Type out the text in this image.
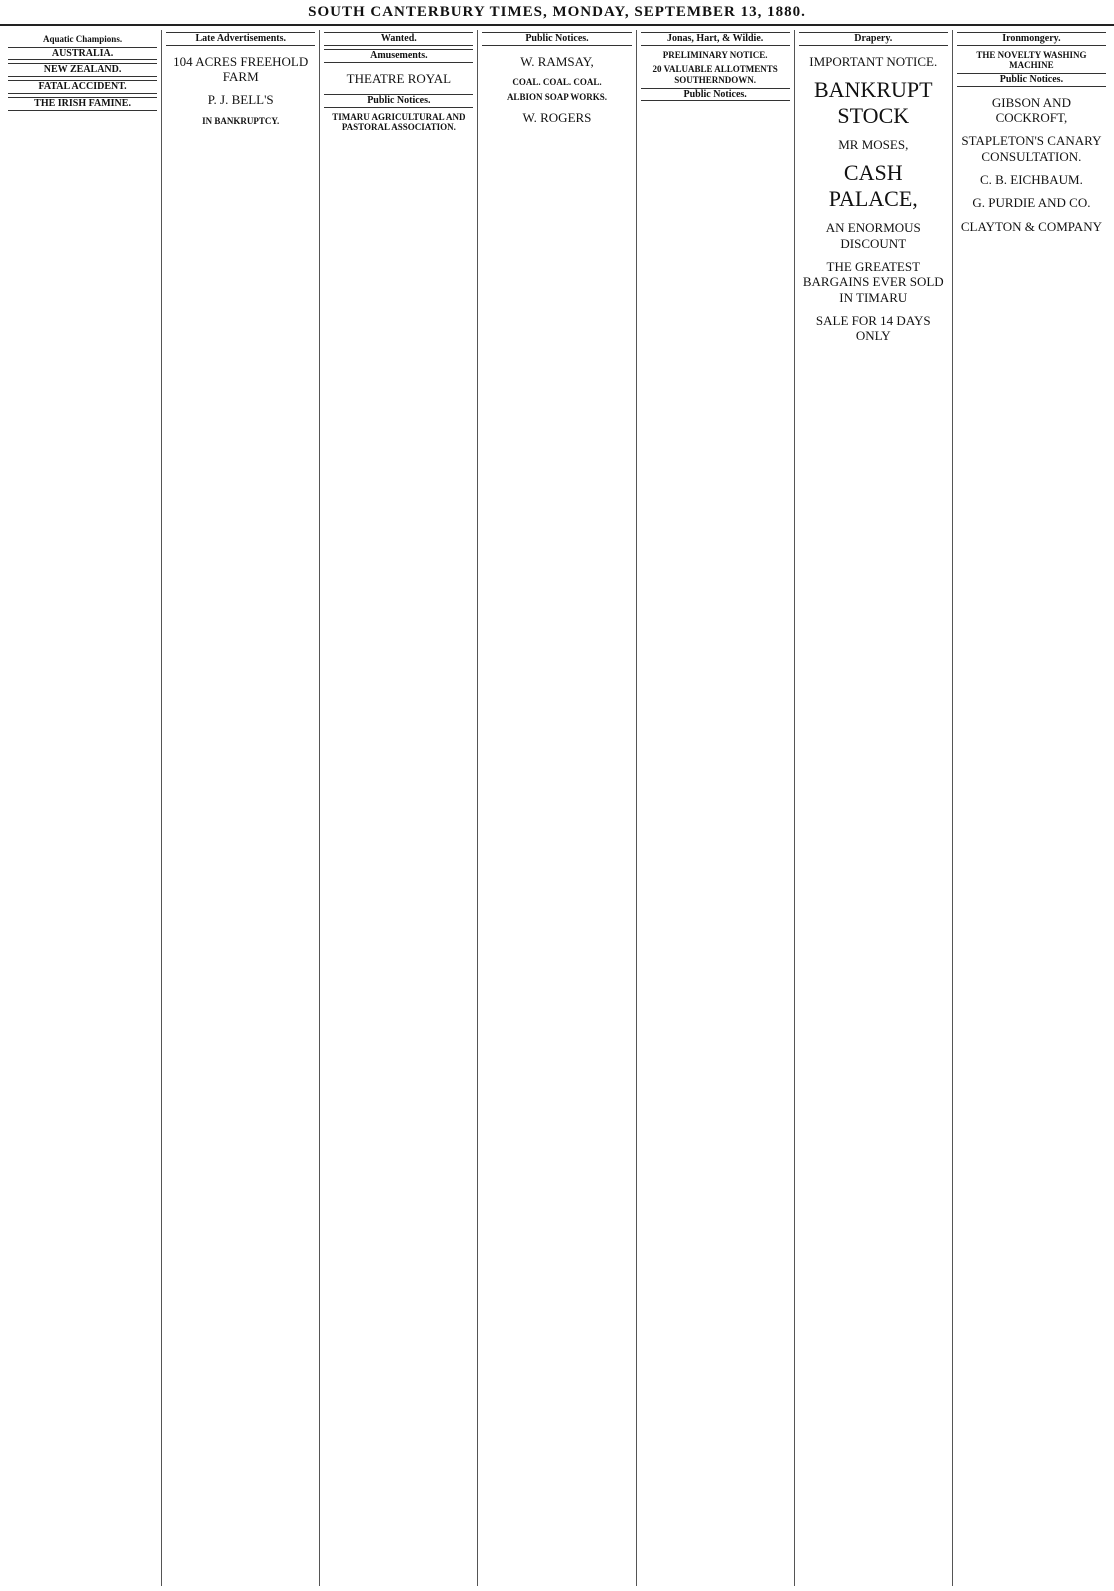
SOUTH CANTERBURY TIMES, MONDAY, SEPTEMBER 13, 1880.
Aquatic Champions.
AUSTRALIA.
NEW ZEALAND.
FATAL ACCIDENT.
THE IRISH FAMINE.
Late Advertisements.
104 ACRES FREEHOLD FARM
P. J. BELL'S
IN BANKRUPTCY.
Wanted.
Amusements.
THEATRE ROYAL
Public Notices.
TIMARU AGRICULTURAL AND PASTORAL ASSOCIATION.
Public Notices.
W. RAMSAY,
COAL. COAL. COAL.
ALBION SOAP WORKS.
W. ROGERS
Jonas, Hart, & Wildie.
PRELIMINARY NOTICE.
20 VALUABLE ALLOTMENTS SOUTHERNDOWN.
Public Notices.
Drapery.
IMPORTANT NOTICE.
BANKRUPT STOCK
MR MOSES,
CASH PALACE,
AN ENORMOUS DISCOUNT
THE GREATEST BARGAINS EVER SOLD IN TIMARU
SALE FOR 14 DAYS ONLY
Ironmongery.
THE NOVELTY WASHING MACHINE
Public Notices.
GIBSON AND COCKROFT,
STAPLETON'S CANARY CONSULTATION.
C. B. EICHBAUM.
G. PURDIE AND CO.
CLAYTON & COMPANY
